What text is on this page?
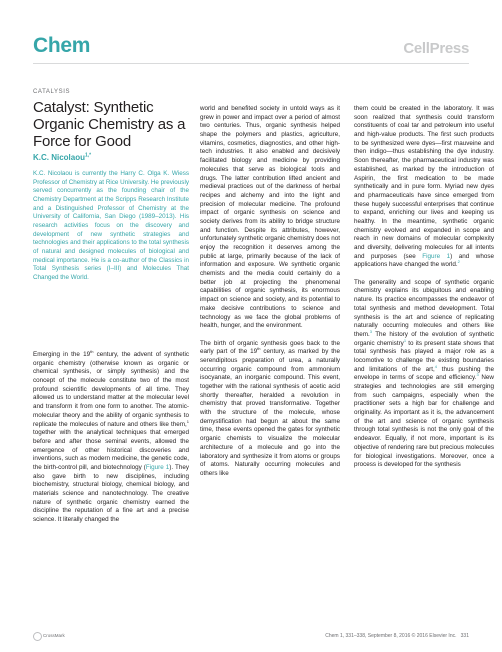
Chem	CellPress
CATALYSIS
Catalyst: Synthetic Organic Chemistry as a Force for Good
K.C. Nicolaou$^{1,*}$
K.C. Nicolaou is currently the Harry C. Olga K. Wiess Professor of Chemistry at Rice University. He previously served concurrently as the founding chair of the Chemistry Department at the Scripps Research Institute and a Distinguished Professor of Chemistry at the University of California, San Diego (1989–2013). His research activities focus on the discovery and development of new synthetic strategies and technologies and their applications to the total synthesis of natural and designed molecules of biological and medical importance. He is a co-author of the Classics in Total Synthesis series (I–III) and Molecules That Changed the World.

Emerging in the 19th century, the advent of synthetic organic chemistry (otherwise known as organic or chemical synthesis, or simply synthesis) and the concept of the molecule constitute two of the most profound scientific developments of all time. They allowed us to understand matter at the molecular level and transform it from one form to another. The atomic-molecular theory and the ability of organic synthesis to replicate the molecules of nature and others like them,$^1$ together with the analytical techniques that emerged before and after those seminal events, allowed the emergence of other historical discoveries and inventions, such as modern medicine, the genetic code, the birth-control pill, and biotechnology (Figure 1). They also gave birth to new disciplines, including biochemistry, structural biology, chemical biology, and materials science and nanotechnology. The creative nature of synthetic organic chemistry earned the discipline the reputation of a fine art and a precise science. It literally changed the

world and benefited society in untold ways as it grew in power and impact over a period of almost two centuries. Thus, organic synthesis helped shape the polymers and plastics, agriculture, vitamins, cosmetics, diagnostics, and other high-tech industries. It also enabled and decisively facilitated biology and medicine by providing molecules that serve as biological tools and drugs. The latter contribution lifted ancient and medieval practices out of the darkness of herbal recipes and alchemy and into the light and precision of molecular medicine. The profound impact of organic synthesis on science and society derives from its ability to bridge structure and function. Despite its attributes, however, unfortunately synthetic organic chemistry does not enjoy the recognition it deserves among the public at large, primarily because of the lack of information and exposure. We synthetic organic chemists and the media could certainly do a better job at projecting the phenomenal capabilities of organic synthesis, its enormous impact on science and society, and its potential to make decisive contributions to science and technology as we face the global problems of health, hunger, and the environment.

The birth of organic synthesis goes back to the early part of the 19th century, as marked by the serendipitous preparation of urea, a naturally occurring organic compound from ammonium isocyanate, an inorganic compound. This event, together with the rational synthesis of acetic acid shortly thereafter, heralded a revolution in chemistry that proved transformative. Together with the structure of the molecule, whose demystification had begun at about the same time, these events opened the gates for synthetic organic chemists to visualize the molecular architecture of a molecule and go into the laboratory and synthesize it from atoms or groups of atoms. Naturally occurring molecules and others like

them could be created in the laboratory. It was soon realized that synthesis could transform constituents of coal tar and petroleum into useful and high-value products. The first such products to be synthesized were dyes—first mauveine and then indigo—thus establishing the dye industry. Soon thereafter, the pharmaceutical industry was established, as marked by the introduction of Aspirin, the first medication to be made synthetically and in pure form. Myriad new dyes and pharmaceuticals have since emerged from these hugely successful enterprises that continue to expand, enriching our lives and keeping us healthy. In the meantime, synthetic organic chemistry evolved and expanded in scope and reach in new domains of molecular complexity and diversity, delivering molecules for all intents and purposes (see Figure 1) and whose applications have changed the world.$^2$

The generality and scope of synthetic organic chemistry explains its ubiquitous and enabling nature. Its practice encompasses the endeavor of total synthesis and method development. Total synthesis is the art and science of replicating naturally occurring molecules and others like them.$^3$ The history of the evolution of synthetic organic chemistry$^1$ to its present state shows that total synthesis has played a major role as a locomotive to challenge the existing boundaries and limitations of the art,$^4$ thus pushing the envelope in terms of scope and efficiency.$^3$ New strategies and technologies are still emerging from such campaigns, especially when the practitioner sets a high bar for challenge and originality. As important as it is, the advancement of the art and science of organic synthesis through total synthesis is not the only goal of the endeavor. Equally, if not more, important is its objective of rendering rare but precious molecules for biological investigations. Moreover, once a process is developed for the synthesis

CrossMark	Chem 1, 331–338, September 8, 2016 © 2016 Elsevier Inc. 331
